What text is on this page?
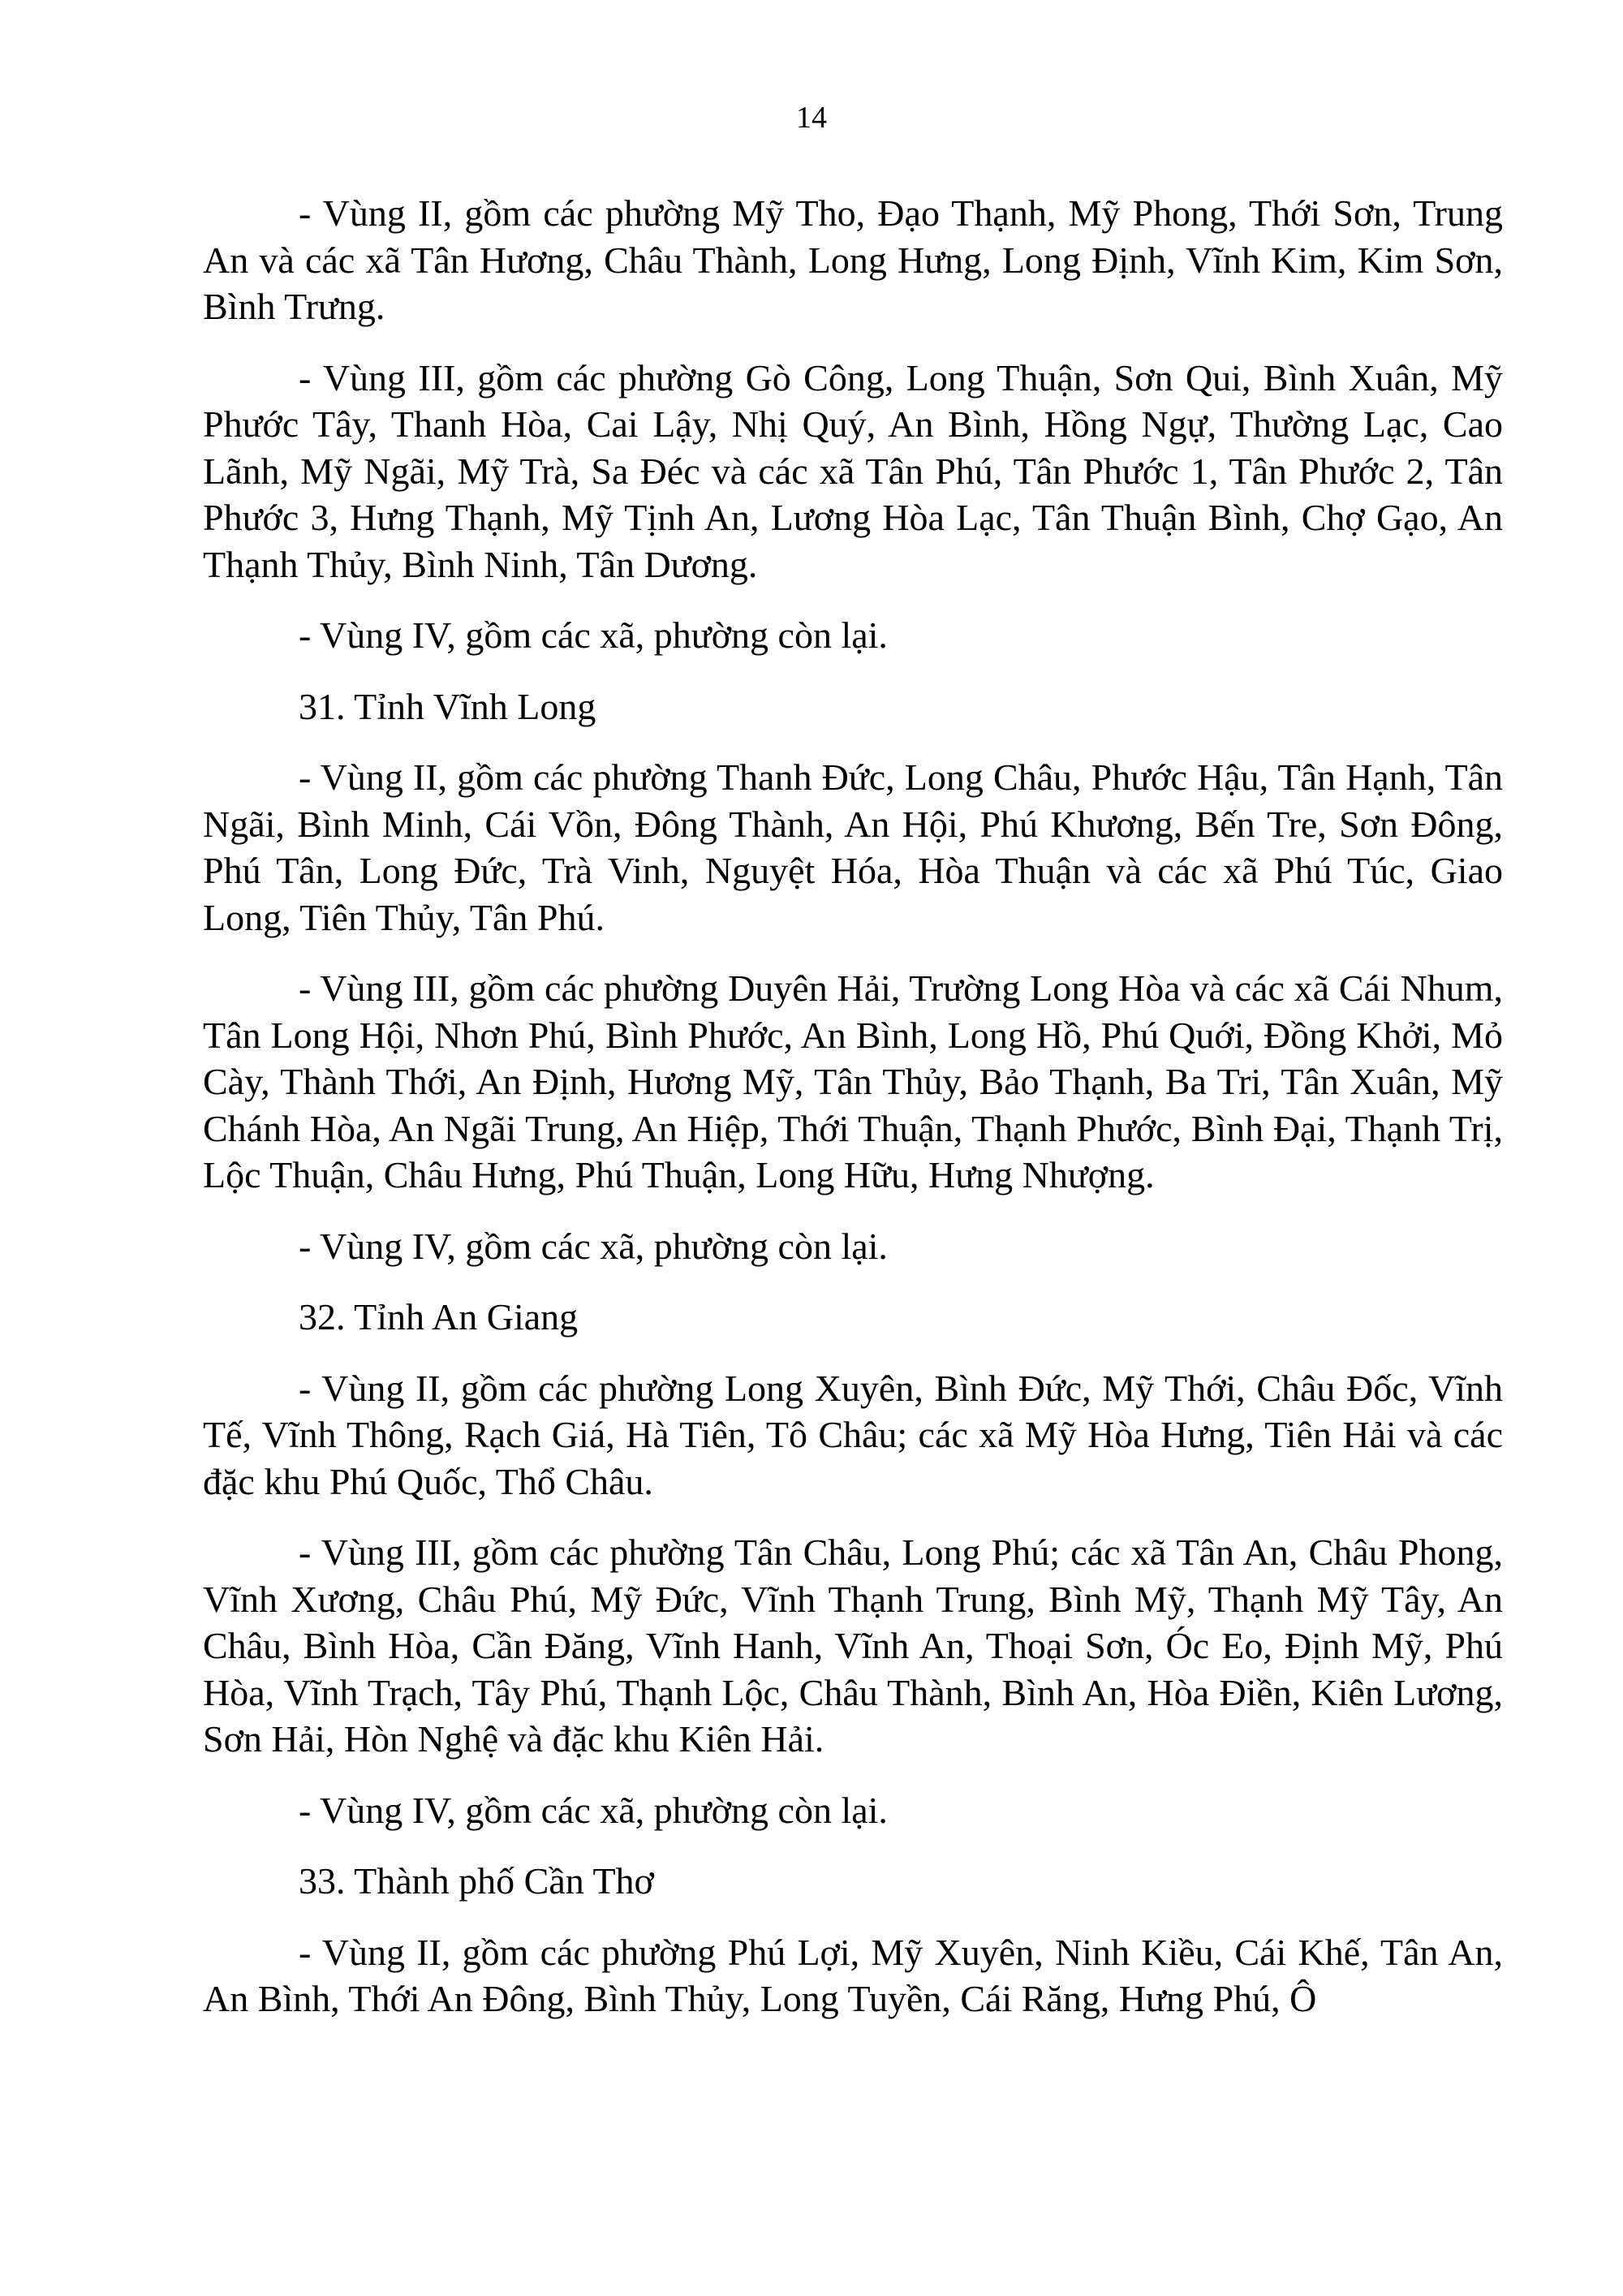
14

- Vùng II, gồm các phường Mỹ Tho, Đạo Thạnh, Mỹ Phong, Thới Sơn, Trung An và các xã Tân Hương, Châu Thành, Long Hưng, Long Định, Vĩnh Kim, Kim Sơn, Bình Trưng.

- Vùng III, gồm các phường Gò Công, Long Thuận, Sơn Qui, Bình Xuân, Mỹ Phước Tây, Thanh Hòa, Cai Lậy, Nhị Quý, An Bình, Hồng Ngự, Thường Lạc, Cao Lãnh, Mỹ Ngãi, Mỹ Trà, Sa Đéc và các xã Tân Phú, Tân Phước 1, Tân Phước 2, Tân Phước 3, Hưng Thạnh, Mỹ Tịnh An, Lương Hòa Lạc, Tân Thuận Bình, Chợ Gạo, An Thạnh Thủy, Bình Ninh, Tân Dương.

- Vùng IV, gồm các xã, phường còn lại.

31. Tỉnh Vĩnh Long

- Vùng II, gồm các phường Thanh Đức, Long Châu, Phước Hậu, Tân Hạnh, Tân Ngãi, Bình Minh, Cái Vồn, Đông Thành, An Hội, Phú Khương, Bến Tre, Sơn Đông, Phú Tân, Long Đức, Trà Vinh, Nguyệt Hóa, Hòa Thuận và các xã Phú Túc, Giao Long, Tiên Thủy, Tân Phú.

- Vùng III, gồm các phường Duyên Hải, Trường Long Hòa và các xã Cái Nhum, Tân Long Hội, Nhơn Phú, Bình Phước, An Bình, Long Hồ, Phú Quới, Đồng Khởi, Mỏ Cày, Thành Thới, An Định, Hương Mỹ, Tân Thủy, Bảo Thạnh, Ba Tri, Tân Xuân, Mỹ Chánh Hòa, An Ngãi Trung, An Hiệp, Thới Thuận, Thạnh Phước, Bình Đại, Thạnh Trị, Lộc Thuận, Châu Hưng, Phú Thuận, Long Hữu, Hưng Nhượng.

- Vùng IV, gồm các xã, phường còn lại.

32. Tỉnh An Giang

- Vùng II, gồm các phường Long Xuyên, Bình Đức, Mỹ Thới, Châu Đốc, Vĩnh Tế, Vĩnh Thông, Rạch Giá, Hà Tiên, Tô Châu; các xã Mỹ Hòa Hưng, Tiên Hải và các đặc khu Phú Quốc, Thổ Châu.

- Vùng III, gồm các phường Tân Châu, Long Phú; các xã Tân An, Châu Phong, Vĩnh Xương, Châu Phú, Mỹ Đức, Vĩnh Thạnh Trung, Bình Mỹ, Thạnh Mỹ Tây, An Châu, Bình Hòa, Cần Đăng, Vĩnh Hanh, Vĩnh An, Thoại Sơn, Óc Eo, Định Mỹ, Phú Hòa, Vĩnh Trạch, Tây Phú, Thạnh Lộc, Châu Thành, Bình An, Hòa Điền, Kiên Lương, Sơn Hải, Hòn Nghệ và đặc khu Kiên Hải.

- Vùng IV, gồm các xã, phường còn lại.

33. Thành phố Cần Thơ

- Vùng II, gồm các phường Phú Lợi, Mỹ Xuyên, Ninh Kiều, Cái Khế, Tân An, An Bình, Thới An Đông, Bình Thủy, Long Tuyền, Cái Răng, Hưng Phú, Ô
